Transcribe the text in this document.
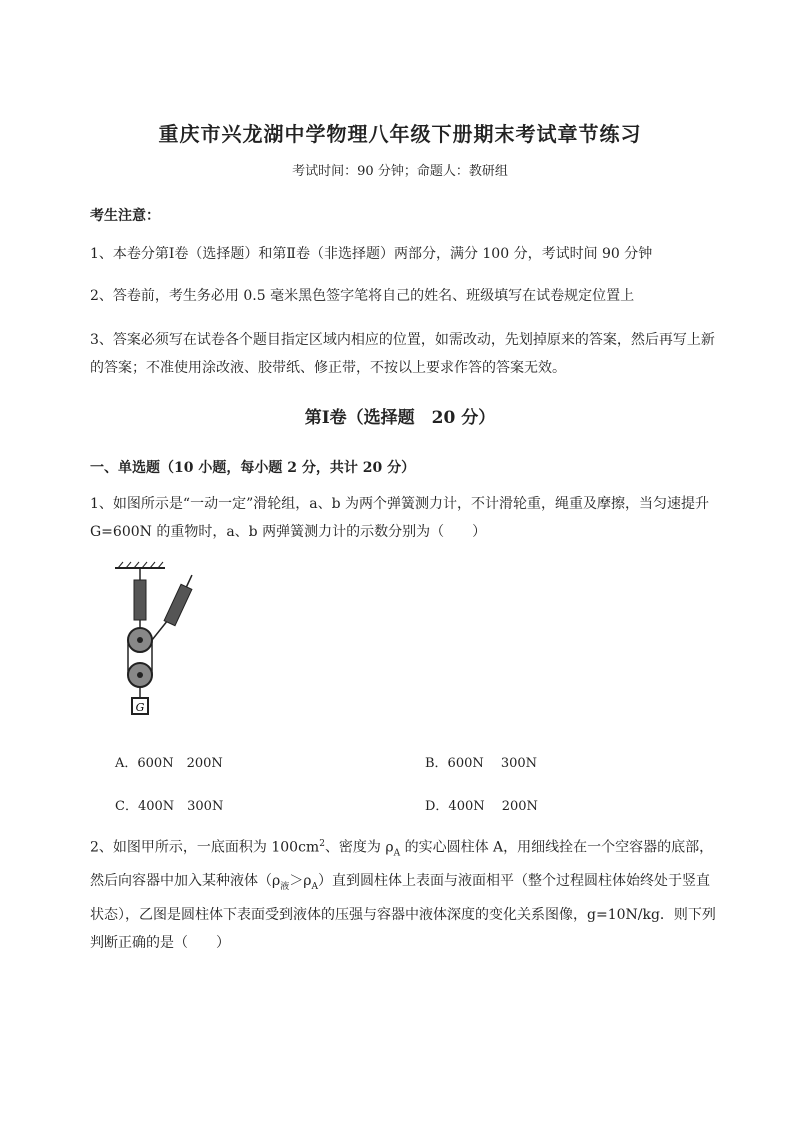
重庆市兴龙湖中学物理八年级下册期末考试章节练习
考试时间：90 分钟；命题人：教研组
考生注意：
1、本卷分第Ⅰ卷（选择题）和第Ⅱ卷（非选择题）两部分，满分 100 分，考试时间 90 分钟
2、答卷前，考生务必用 0.5 毫米黑色签字笔将自己的姓名、班级填写在试卷规定位置上
3、答案必须写在试卷各个题目指定区域内相应的位置，如需改动，先划掉原来的答案，然后再写上新的答案；不准使用涂改液、胶带纸、修正带，不按以上要求作答的答案无效。
第Ⅰ卷（选择题　20 分）
一、单选题（10 小题，每小题 2 分，共计 20 分）
1、如图所示是“一动一定”滑轮组，a、b 为两个弹簧测力计，不计滑轮重，绳重及摩擦，当匀速提升 G=600N 的重物时，a、b 两弹簧测力计的示数分别为（　　）
G
A．600N　200N	B．600N　 300N
C．400N　300N	D．400N　 200N
2、如图甲所示，一底面积为 $100cm^2$、密度为 $\rho_A$ 的实心圆柱体 A，用细线拴在一个空容器的底部，然后向容器中加入某种液体$(\rho_液>\rho_A)$直到圆柱体上表面与液面相平（整个过程圆柱体始终处于竖直状态），乙图是圆柱体下表面受到液体的压强与容器中液体深度的变化关系图像，g=10N/kg．则下列判断正确的是（　　）
